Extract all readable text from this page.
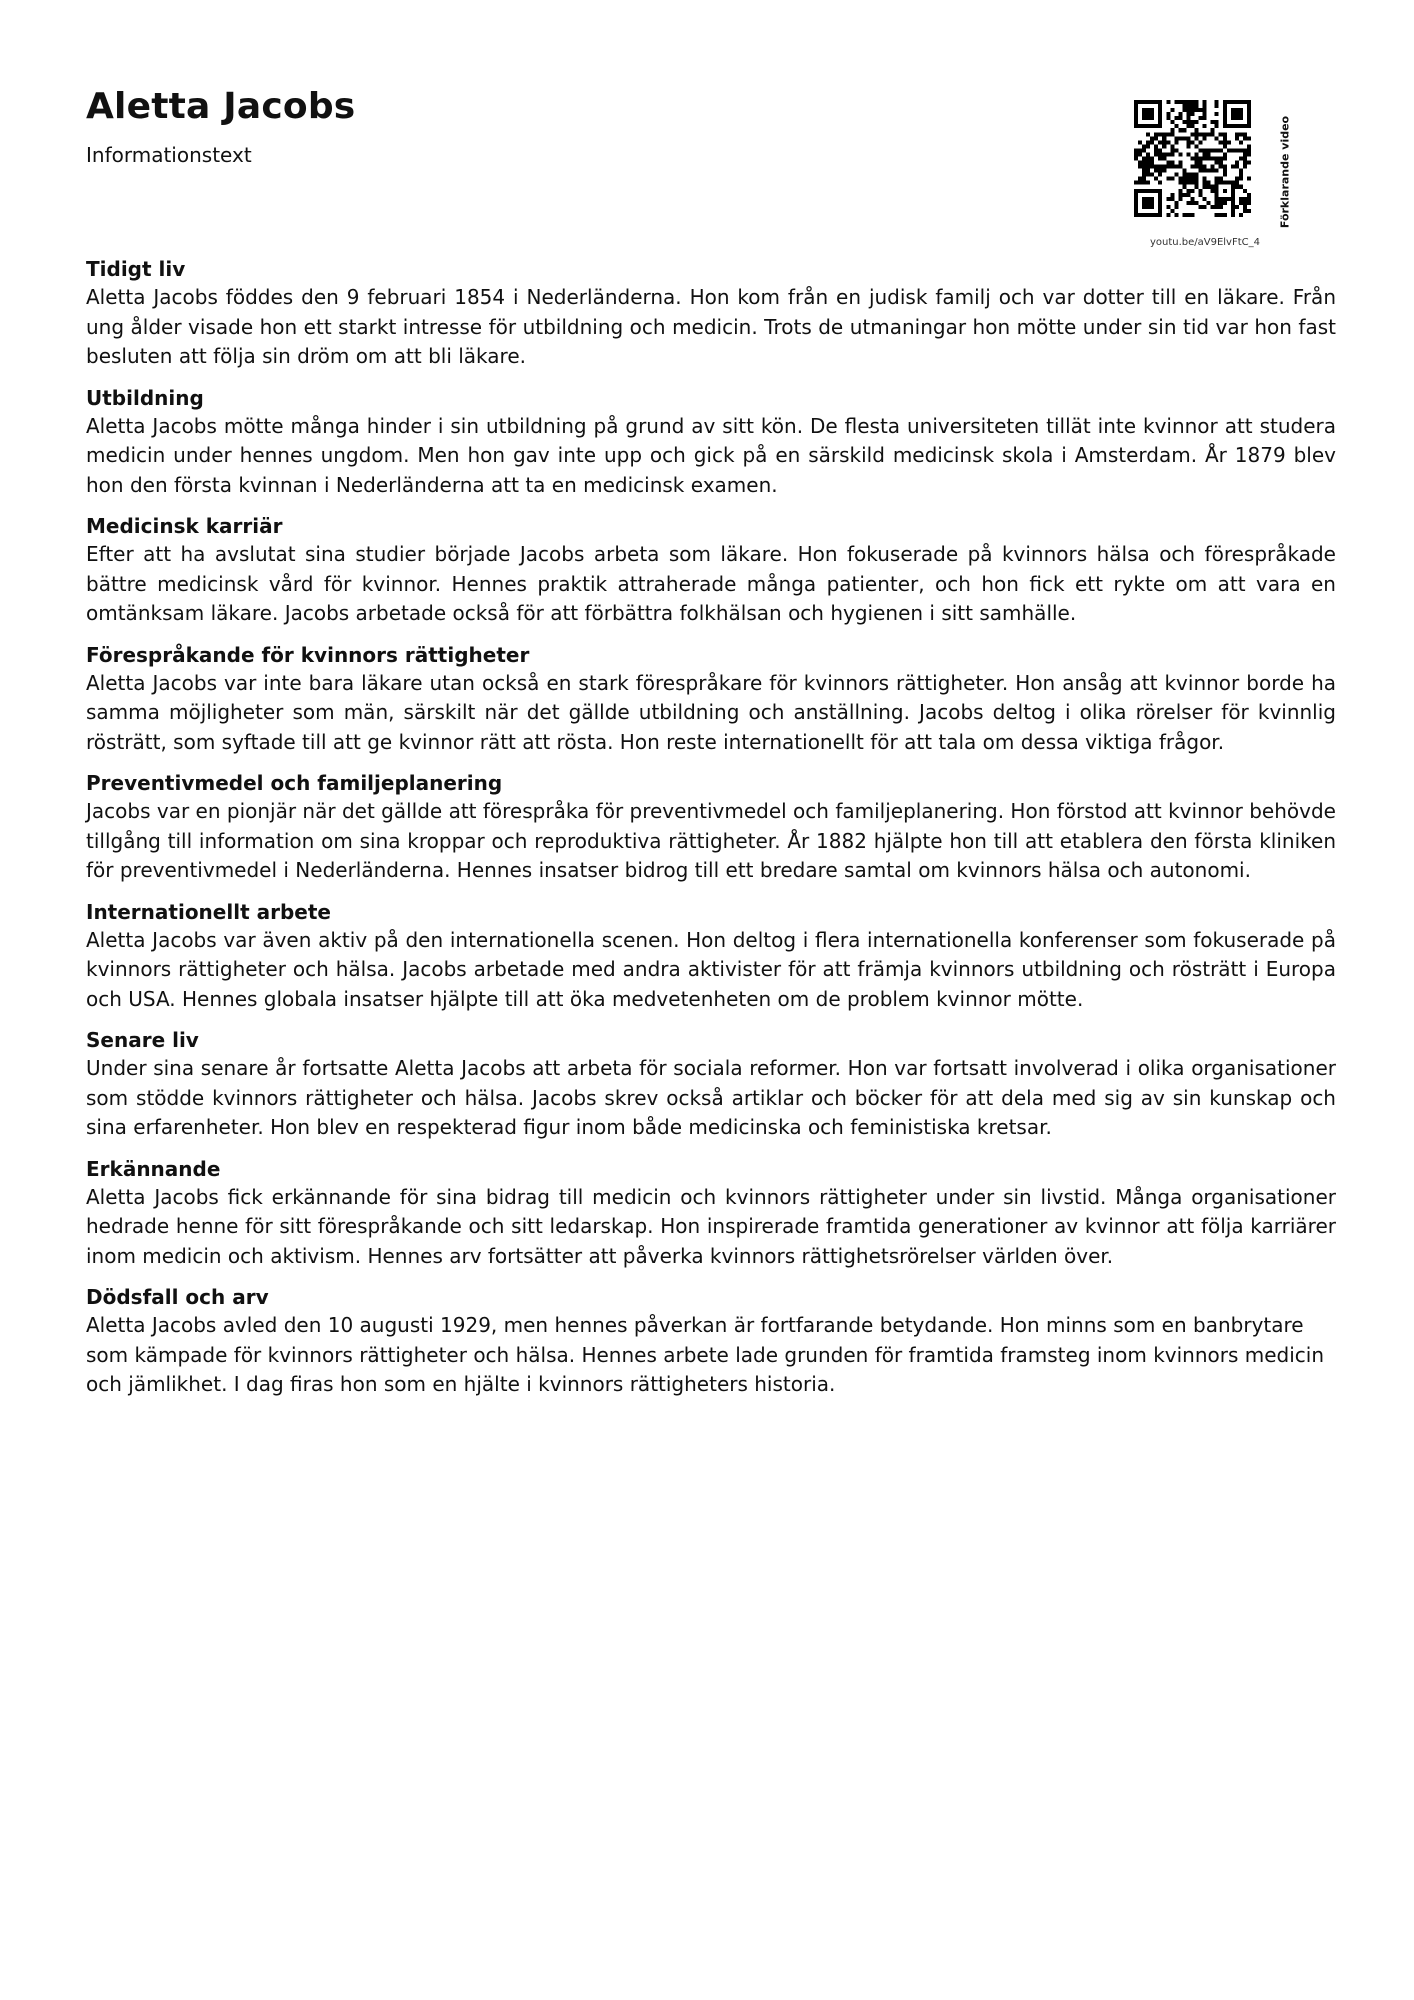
Aletta Jacobs
Informationstext	Förklarande video
youtu.be/aV9ElvFtC_4
Tidigt liv

Aletta Jacobs föddes den 9 februari 1854 i Nederländerna. Hon kom från en judisk familj och var dotter till en läkare. Från ung ålder visade hon ett starkt intresse för utbildning och medicin. Trots de utmaningar hon mötte under sin tid var hon fast besluten att följa sin dröm om att bli läkare.

Utbildning

Aletta Jacobs mötte många hinder i sin utbildning på grund av sitt kön. De flesta universiteten tillät inte kvinnor att studera medicin under hennes ungdom. Men hon gav inte upp och gick på en särskild medicinsk skola i Amsterdam. År 1879 blev hon den första kvinnan i Nederländerna att ta en medicinsk examen.

Medicinsk karriär

Efter att ha avslutat sina studier började Jacobs arbeta som läkare. Hon fokuserade på kvinnors hälsa och förespråkade bättre medicinsk vård för kvinnor. Hennes praktik attraherade många patienter, och hon fick ett rykte om att vara en omtänksam läkare. Jacobs arbetade också för att förbättra folkhälsan och hygienen i sitt samhälle.

Förespråkande för kvinnors rättigheter

Aletta Jacobs var inte bara läkare utan också en stark förespråkare för kvinnors rättigheter. Hon ansåg att kvinnor borde ha samma möjligheter som män, särskilt när det gällde utbildning och anställning. Jacobs deltog i olika rörelser för kvinnlig rösträtt, som syftade till att ge kvinnor rätt att rösta. Hon reste internationellt för att tala om dessa viktiga frågor.

Preventivmedel och familjeplanering

Jacobs var en pionjär när det gällde att förespråka för preventivmedel och familjeplanering. Hon förstod att kvinnor behövde tillgång till information om sina kroppar och reproduktiva rättigheter. År 1882 hjälpte hon till att etablera den första kliniken för preventivmedel i Nederländerna. Hennes insatser bidrog till ett bredare samtal om kvinnors hälsa och autonomi.

Internationellt arbete

Aletta Jacobs var även aktiv på den internationella scenen. Hon deltog i flera internationella konferenser som fokuserade på kvinnors rättigheter och hälsa. Jacobs arbetade med andra aktivister för att främja kvinnors utbildning och rösträtt i Europa och USA. Hennes globala insatser hjälpte till att öka medvetenheten om de problem kvinnor mötte.

Senare liv

Under sina senare år fortsatte Aletta Jacobs att arbeta för sociala reformer. Hon var fortsatt involverad i olika organisationer som stödde kvinnors rättigheter och hälsa. Jacobs skrev också artiklar och böcker för att dela med sig av sin kunskap och sina erfarenheter. Hon blev en respekterad figur inom både medicinska och feministiska kretsar.

Erkännande

Aletta Jacobs fick erkännande för sina bidrag till medicin och kvinnors rättigheter under sin livstid. Många organisationer hedrade henne för sitt förespråkande och sitt ledarskap. Hon inspirerade framtida generationer av kvinnor att följa karriärer inom medicin och aktivism. Hennes arv fortsätter att påverka kvinnors rättighetsrörelser världen över.

Dödsfall och arv

Aletta Jacobs avled den 10 augusti 1929, men hennes påverkan är fortfarande betydande. Hon minns som en banbrytare som kämpade för kvinnors rättigheter och hälsa. Hennes arbete lade grunden för framtida framsteg inom kvinnors medicin och jämlikhet. I dag firas hon som en hjälte i kvinnors rättigheters historia.
